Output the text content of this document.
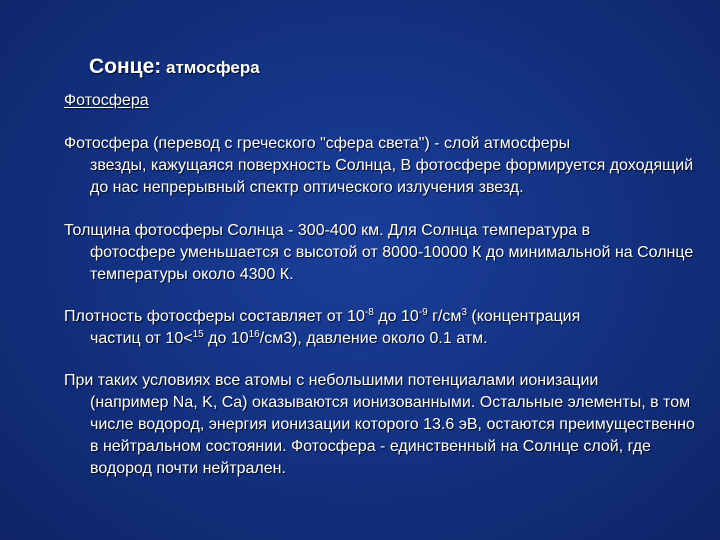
Сонце: атмосфера
Фотосфера

Фотосфера (перевод с греческого "сфера света") - слой атмосферы
звезды, кажущаяся поверхность Солнца, В фотосфере формируется доходящий до нас непрерывный спектр оптического излучения звезд.

Толщина фотосферы Солнца - 300-400 км. Для Солнца температура в
фотосфере уменьшается с высотой от 8000-10000 К до минимальной на Солнце температуры около 4300 К.

Плотность фотосферы составляет от $10^{-8}$ до $10^{-9}$ $г/см^3$ (концентрация
частиц от 10<$^{15}$ до $10^{16}/см3$), давление около 0.1 атм.

При таких условиях все атомы с небольшими потенциалами ионизации
(например Na, K, Ca) оказываются ионизованными. Остальные элементы, в том числе водород, энергия ионизации которого 13.6 эВ, остаются преимущественно в нейтральном состоянии. Фотосфера - единственный на Солнце слой, где водород почти нейтрален.
